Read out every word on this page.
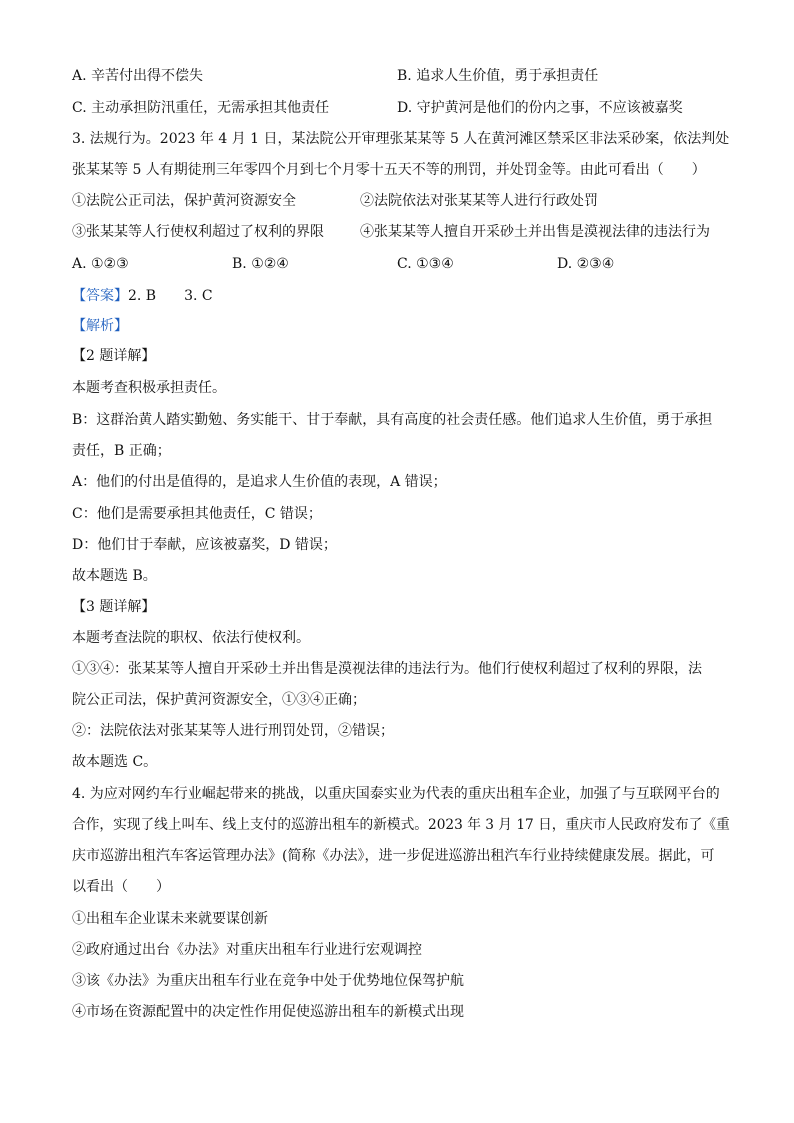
A. 辛苦付出得不偿失	B. 追求人生价值，勇于承担责任
C. 主动承担防汛重任，无需承担其他责任	D. 守护黄河是他们的份内之事，不应该被嘉奖
3. 法规行为。2023 年 4 月 1 日，某法院公开审理张某某等 5 人在黄河滩区禁采区非法采砂案，依法判处
张某某等 5 人有期徒刑三年零四个月到七个月零十五天不等的刑罚，并处罚金等。由此可看出（　　）
①法院公正司法，保护黄河资源安全	②法院依法对张某某等人进行行政处罚
③张某某等人行使权利超过了权利的界限	④张某某等人擅自开采砂土并出售是漠视法律的违法行为
A. ①②③	B. ①②④	C. ①③④	D. ②③④
【答案】2. B　　3. C
【解析】
【2 题详解】
本题考查积极承担责任。
B：这群治黄人踏实勤勉、务实能干、甘于奉献，具有高度的社会责任感。他们追求人生价值，勇于承担
责任，B 正确；
A：他们的付出是值得的，是追求人生价值的表现，A 错误；
C：他们是需要承担其他责任，C 错误；
D：他们甘于奉献，应该被嘉奖，D 错误；
故本题选 B。
【3 题详解】
本题考查法院的职权、依法行使权利。
①③④：张某某等人擅自开采砂土并出售是漠视法律的违法行为。他们行使权利超过了权利的界限，法
院公正司法，保护黄河资源安全，①③④正确；
②：法院依法对张某某等人进行刑罚处罚，②错误；
故本题选 C。
4. 为应对网约车行业崛起带来的挑战，以重庆国泰实业为代表的重庆出租车企业，加强了与互联网平台的
合作，实现了线上叫车、线上支付的巡游出租车的新模式。2023 年 3 月 17 日，重庆市人民政府发布了《重
庆市巡游出租汽车客运管理办法》(简称《办法》，进一步促进巡游出租汽车行业持续健康发展。据此，可
以看出（　　）
①出租车企业谋未来就要谋创新
②政府通过出台《办法》对重庆出租车行业进行宏观调控
③该《办法》为重庆出租车行业在竞争中处于优势地位保驾护航
④市场在资源配置中的决定性作用促使巡游出租车的新模式出现
